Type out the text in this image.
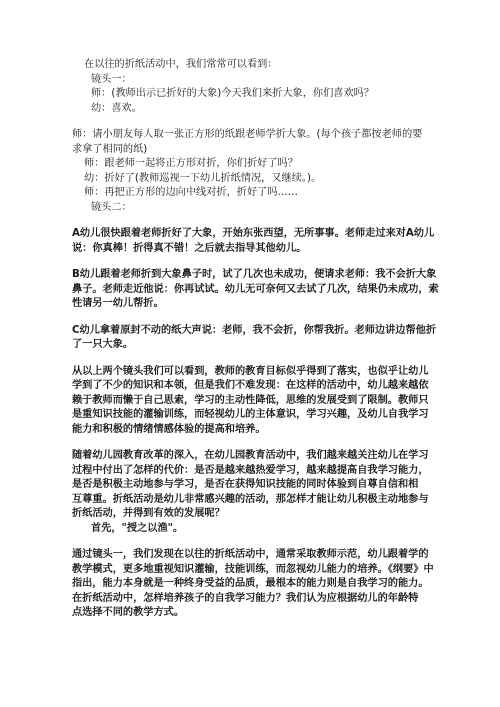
在以往的折纸活动中，我们常常可以看到：
镜头一：
师：(教师出示已折好的大象)今天我们来折大象，你们喜欢吗？
幼：喜欢。
师：请小朋友每人取一张正方形的纸跟老师学折大象。(每个孩子都按老师的要
求拿了相同的纸)
师：跟老师一起将正方形对折，你们折好了吗？
幼：折好了(教师巡视一下幼儿折纸情况，又继续。)。
师：再把正方形的边向中线对折，折好了吗……
镜头二：
A幼儿很快跟着老师折好了大象，开始东张西望，无所事事。老师走过来对A幼儿
说：你真棒！折得真不错！之后就去指导其他幼儿。
B幼儿跟着老师折到大象鼻子时，试了几次也未成功，便请求老师：我不会折大象
鼻子。老师走近他说：你再试试。幼儿无可奈何又去试了几次，结果仍未成功，索
性请另一幼儿帮折。
C幼儿拿着原封不动的纸大声说：老师，我不会折，你帮我折。老师边讲边帮他折
了一只大象。
从以上两个镜头我们可以看到，教师的教育目标似乎得到了落实，也似乎让幼儿
学到了不少的知识和本领，但是我们不难发现：在这样的活动中，幼儿越来越依
赖于教师而懒于自己思索，学习的主动性降低，思维的发展受到了限制。教师只
是重知识技能的灌输训练，而轻视幼儿的主体意识，学习兴趣，及幼儿自我学习
能力和积极的情绪情感体验的提高和培养。
随着幼儿园教育改革的深入，在幼儿园教育活动中，我们越来越关注幼儿在学习
过程中付出了怎样的代价：是否是越来越热爱学习，越来越提高自我学习能力，
是否是积极主动地参与学习，是否在获得知识技能的同时体验到自尊自信和相
互尊重。折纸活动是幼儿非常感兴趣的活动，那怎样才能让幼儿积极主动地参与
折纸活动，并得到有效的发展呢？
首先，"授之以渔"。
通过镜头一，我们发现在以往的折纸活动中，通常采取教师示范，幼儿跟着学的
教学模式，更多地重视知识灌输，技能训练，而忽视幼儿能力的培养。《纲要》中
指出，能力本身就是一种终身受益的品质，最根本的能力则是自我学习的能力。
在折纸活动中，怎样培养孩子的自我学习能力？我们认为应根据幼儿的年龄特
点选择不同的教学方式。
